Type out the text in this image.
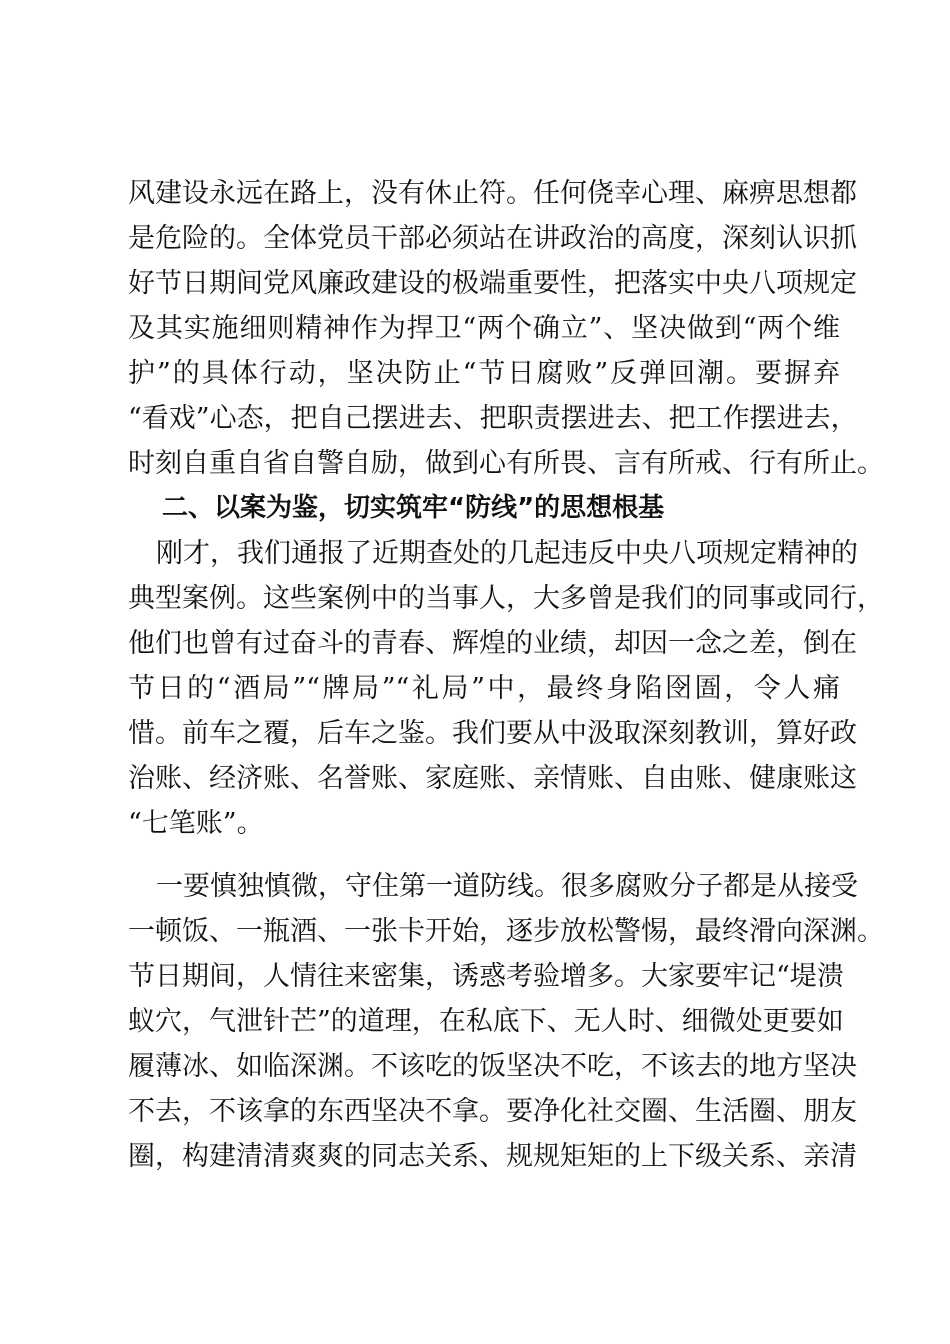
风建设永远在路上，没有休止符。任何侥幸心理、麻痹思想都
是危险的。全体党员干部必须站在讲政治的高度，深刻认识抓
好节日期间党风廉政建设的极端重要性，把落实中央八项规定
及其实施细则精神作为捍卫“两个确立”、坚决做到“两个维
护”的具体行动，坚决防止“节日腐败”反弹回潮。要摒弃
“看戏”心态，把自己摆进去、把职责摆进去、把工作摆进去，
时刻自重自省自警自励，做到心有所畏、言有所戒、行有所止。
二、以案为鉴，切实筑牢“防线”的思想根基
刚才，我们通报了近期查处的几起违反中央八项规定精神的
典型案例。这些案例中的当事人，大多曾是我们的同事或同行，
他们也曾有过奋斗的青春、辉煌的业绩，却因一念之差，倒在
节日的“酒局”“牌局”“礼局”中，最终身陷囹圄，令人痛
惜。前车之覆，后车之鉴。我们要从中汲取深刻教训，算好政
治账、经济账、名誉账、家庭账、亲情账、自由账、健康账这
“七笔账”。
一要慎独慎微，守住第一道防线。很多腐败分子都是从接受
一顿饭、一瓶酒、一张卡开始，逐步放松警惕，最终滑向深渊。
节日期间，人情往来密集，诱惑考验增多。大家要牢记“堤溃
蚁穴，气泄针芒”的道理，在私底下、无人时、细微处更要如
履薄冰、如临深渊。不该吃的饭坚决不吃，不该去的地方坚决
不去，不该拿的东西坚决不拿。要净化社交圈、生活圈、朋友
圈，构建清清爽爽的同志关系、规规矩矩的上下级关系、亲清
